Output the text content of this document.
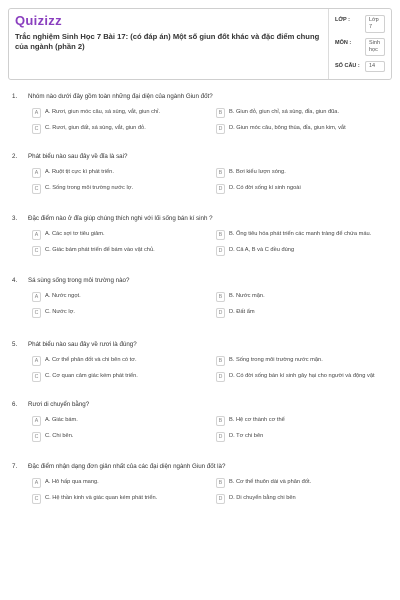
Quizizz
Trắc nghiệm Sinh Học 7 Bài 17: (có đáp án) Một số giun đốt khác và đặc điểm chung của ngành (phần 2)
LỚP :	Lớp 7
MÔN :	Sinh học
SỐ CÂU :	14
1.	Nhóm nào dưới đây gồm toàn những đại diện của ngành Giun đốt?
A	A. Rươi, giun móc câu, sá sùng, vắt, giun chỉ.	B	B. Giun đỏ, giun chỉ, sá sùng, đỉa, giun đũa.
C	C. Rươi, giun đất, sá sùng, vắt, giun đỏ.	D	D. Giun móc câu, bông thùa, đỉa, giun kim, vắt
2.	Phát biểu nào sau đây về đỉa là sai?
A	A. Ruột tịt cực kì phát triển.	B	B. Bơi kiểu lượn sóng.
C	C. Sống trong môi trường nước lợ.	D	D. Có đời sống kí sinh ngoài
3.	Đặc điểm nào ở đỉa giúp chúng thích nghi với lối sống bán kí sinh ?
A	A. Các sợi tơ tiêu giảm.	B	B. Ống tiêu hóa phát triển các manh tràng để chứa máu.
C	C. Giác bám phát triển để bám vào vật chủ.	D	D. Cả A, B và C đều đúng
4.	Sá sùng sống trong môi trường nào?
A	A. Nước ngọt.	B	B. Nước mặn.
C	C. Nước lợ.	D	D. Đất ẩm
5.	Phát biểu nào sau đây về rươi là đúng?
A	A. Cơ thể phân đốt và chi bên có tơ.	B	B. Sống trong môi trường nước mặn.
C	C. Cơ quan cảm giác kém phát triển.	D	D. Có đời sống bán kí sinh gây hại cho người và động vật
6.	Rươi di chuyển bằng?
A	A. Giác bám.	B	B. Hệ cơ thành cơ thể
C	C. Chi bên.	D	D. Tơ chi bên
7.	Đặc điểm nhận dạng đơn giản nhất của các đại diện ngành Giun đốt là?
A	A. Hô hấp qua mang.	B	B. Cơ thể thuôn dài và phân đốt.
C	C. Hệ thần kinh và giác quan kém phát triển.	D	D. Di chuyển bằng chi bên
